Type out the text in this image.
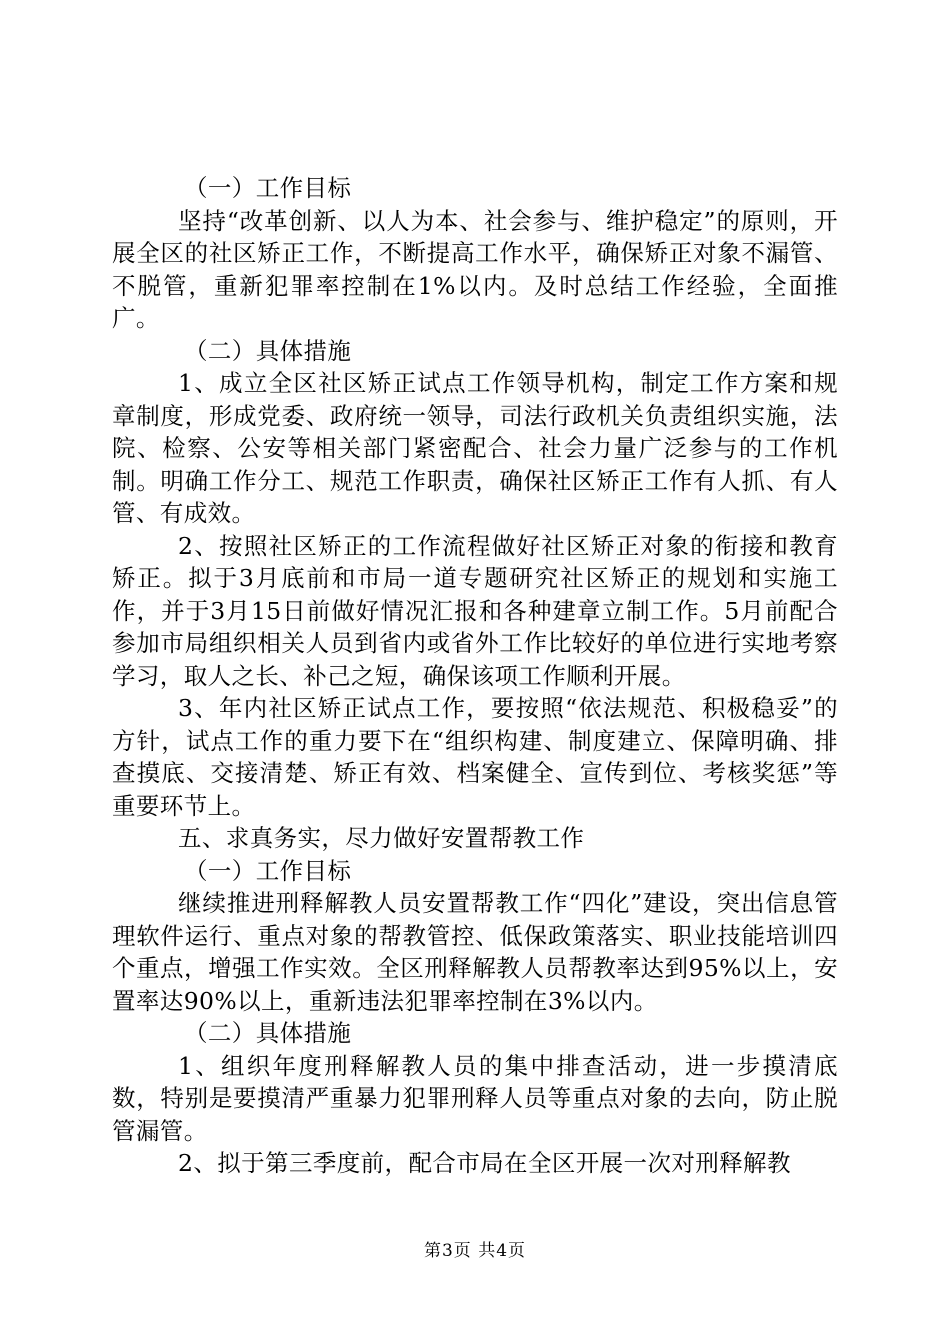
（一）工作目标

坚持“改革创新、以人为本、社会参与、维护稳定”的原则，开展全区的社区矫正工作，不断提高工作水平，确保矫正对象不漏管、不脱管，重新犯罪率控制在1%以内。及时总结工作经验，全面推广。

（二）具体措施

1、成立全区社区矫正试点工作领导机构，制定工作方案和规章制度，形成党委、政府统一领导，司法行政机关负责组织实施，法院、检察、公安等相关部门紧密配合、社会力量广泛参与的工作机制。明确工作分工、规范工作职责，确保社区矫正工作有人抓、有人管、有成效。

2、按照社区矫正的工作流程做好社区矫正对象的衔接和教育矫正。拟于3月底前和市局一道专题研究社区矫正的规划和实施工作，并于3月15日前做好情况汇报和各种建章立制工作。5月前配合参加市局组织相关人员到省内或省外工作比较好的单位进行实地考察学习，取人之长、补己之短，确保该项工作顺利开展。

3、年内社区矫正试点工作，要按照“依法规范、积极稳妥”的方针，试点工作的重力要下在“组织构建、制度建立、保障明确、排查摸底、交接清楚、矫正有效、档案健全、宣传到位、考核奖惩”等重要环节上。

五、求真务实，尽力做好安置帮教工作

（一）工作目标

继续推进刑释解教人员安置帮教工作“四化”建设，突出信息管理软件运行、重点对象的帮教管控、低保政策落实、职业技能培训四个重点，增强工作实效。全区刑释解教人员帮教率达到95%以上，安置率达90%以上，重新违法犯罪率控制在3%以内。

（二）具体措施

1、组织年度刑释解教人员的集中排查活动，进一步摸清底数，特别是要摸清严重暴力犯罪刑释人员等重点对象的去向，防止脱管漏管。

2、拟于第三季度前，配合市局在全区开展一次对刑释解教

第3页 共4页
